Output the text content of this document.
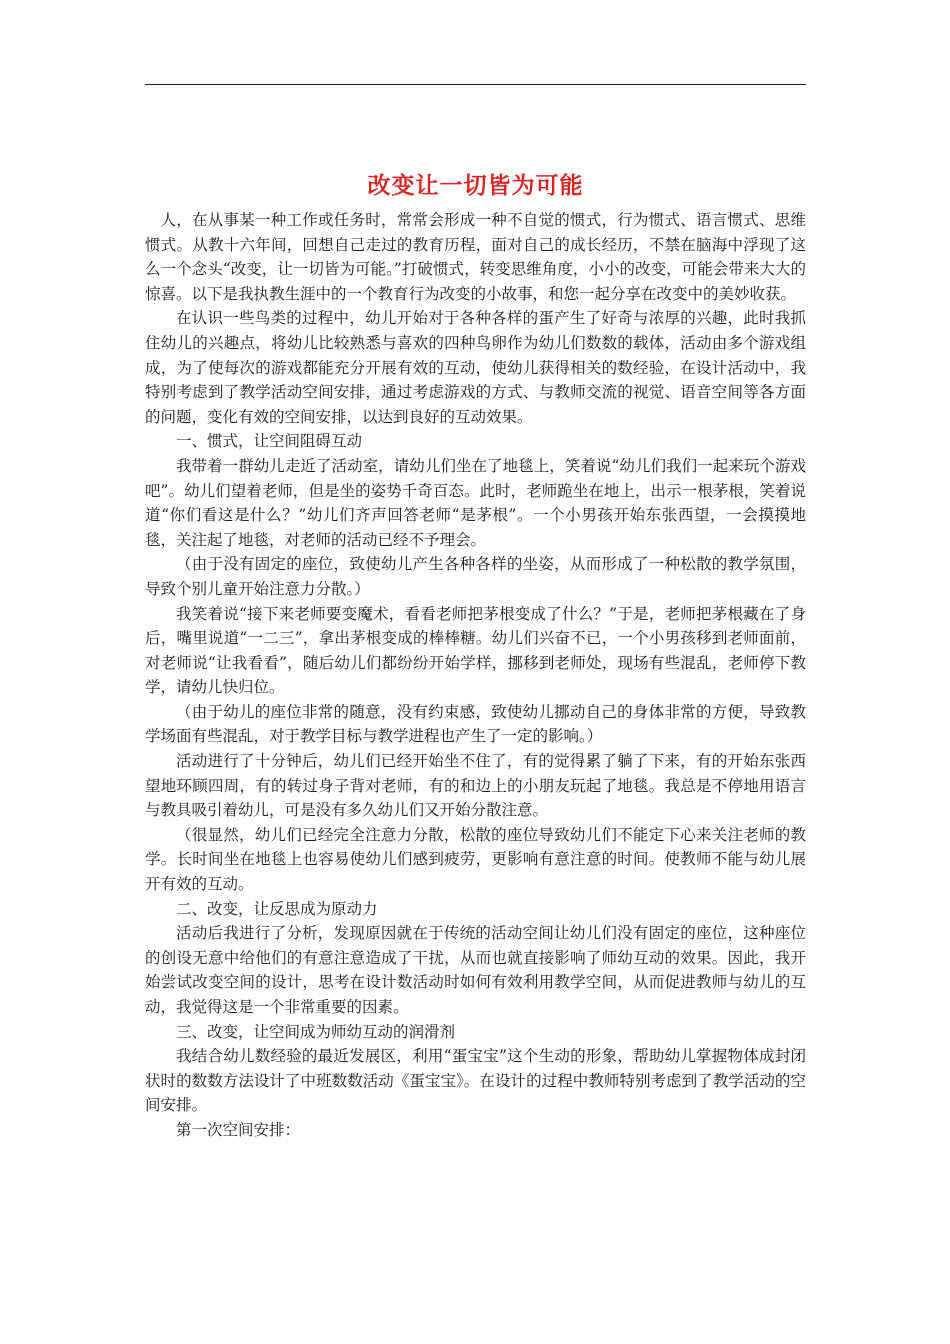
改变让一切皆为可能

人，在从事某一种工作或任务时，常常会形成一种不自觉的惯式，行为惯式、语言惯式、思维惯式。从教十六年间，回想自己走过的教育历程，面对自己的成长经历，不禁在脑海中浮现了这么一个念头“改变，让一切皆为可能。”打破惯式，转变思维角度，小小的改变，可能会带来大大的惊喜。以下是我执教生涯中的一个教育行为改变的小故事，和您一起分享在改变中的美妙收获。

在认识一些鸟类的过程中，幼儿开始对于各种各样的蛋产生了好奇与浓厚的兴趣，此时我抓住幼儿的兴趣点，将幼儿比较熟悉与喜欢的四种鸟卵作为幼儿们数数的载体，活动由多个游戏组成，为了使每次的游戏都能充分开展有效的互动，使幼儿获得相关的数经验，在设计活动中，我特别考虑到了教学活动空间安排，通过考虑游戏的方式、与教师交流的视觉、语音空间等各方面的问题，变化有效的空间安排，以达到良好的互动效果。

一、惯式，让空间阻碍互动

我带着一群幼儿走近了活动室，请幼儿们坐在了地毯上，笑着说“幼儿们我们一起来玩个游戏吧”。幼儿们望着老师，但是坐的姿势千奇百态。此时，老师跪坐在地上，出示一根茅根，笑着说道“你们看这是什么？”幼儿们齐声回答老师“是茅根”。一个小男孩开始东张西望，一会摸摸地毯，关注起了地毯，对老师的活动已经不予理会。

（由于没有固定的座位，致使幼儿产生各种各样的坐姿，从而形成了一种松散的教学氛围，导致个别儿童开始注意力分散。）

我笑着说“接下来老师要变魔术，看看老师把茅根变成了什么？”于是，老师把茅根藏在了身后，嘴里说道“一二三”，拿出茅根变成的棒棒糖。幼儿们兴奋不已，一个小男孩移到老师面前，对老师说“让我看看”，随后幼儿们都纷纷开始学样，挪移到老师处，现场有些混乱，老师停下教学，请幼儿快归位。

（由于幼儿的座位非常的随意，没有约束感，致使幼儿挪动自己的身体非常的方便，导致教学场面有些混乱，对于教学目标与教学进程也产生了一定的影响。）

活动进行了十分钟后，幼儿们已经开始坐不住了，有的觉得累了躺了下来，有的开始东张西望地环顾四周，有的转过身子背对老师，有的和边上的小朋友玩起了地毯。我总是不停地用语言与教具吸引着幼儿，可是没有多久幼儿们又开始分散注意。

（很显然，幼儿们已经完全注意力分散，松散的座位导致幼儿们不能定下心来关注老师的教学。长时间坐在地毯上也容易使幼儿们感到疲劳，更影响有意注意的时间。使教师不能与幼儿展开有效的互动。

二、改变，让反思成为原动力

活动后我进行了分析，发现原因就在于传统的活动空间让幼儿们没有固定的座位，这种座位的创设无意中给他们的有意注意造成了干扰，从而也就直接影响了师幼互动的效果。因此，我开始尝试改变空间的设计，思考在设计数活动时如何有效利用教学空间，从而促进教师与幼儿的互动，我觉得这是一个非常重要的因素。

三、改变，让空间成为师幼互动的润滑剂

我结合幼儿数经验的最近发展区，利用“蛋宝宝”这个生动的形象，帮助幼儿掌握物体成封闭状时的数数方法设计了中班数数活动《蛋宝宝》。在设计的过程中教师特别考虑到了教学活动的空间安排。

第一次空间安排：
